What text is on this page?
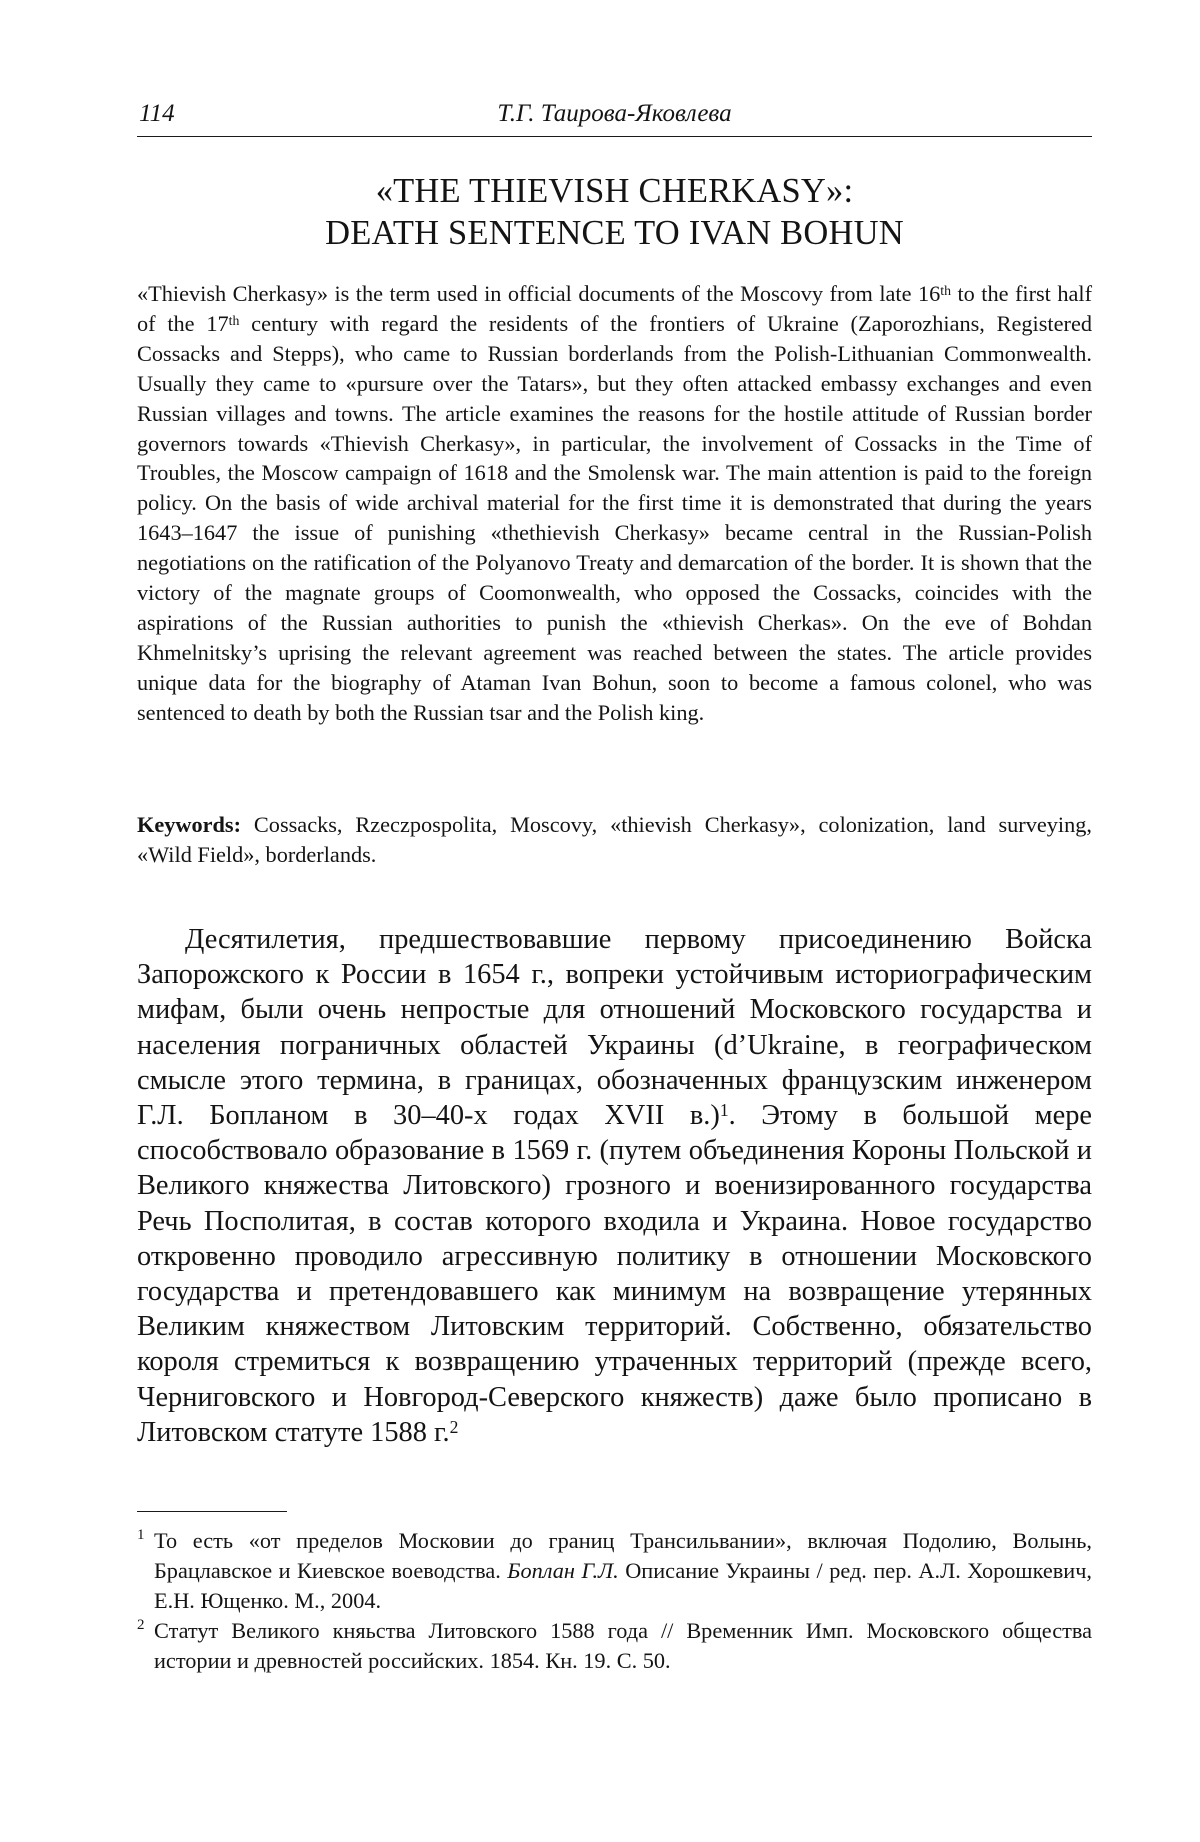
114	Т.Г. Таирова-Яковлева
«THE THIEVISH CHERKASY»:
DEATH SENTENCE TO IVAN BOHUN

«Thievish Cherkasy» is the term used in official documents of the Moscovy from late 16th to the first half of the 17th century with regard the residents of the frontiers of Ukraine (Zaporozhians, Registered Cossacks and Stepps), who came to Russian borderlands from the Polish-Lithuanian Commonwealth. Usually they came to «pursure over the Tatars», but they often attacked embassy exchanges and even Russian villages and towns. The article examines the reasons for the hostile attitude of Russian border governors towards «Thievish Cherkasy», in particular, the involvement of Cossacks in the Time of Troubles, the Moscow campaign of 1618 and the Smolensk war. The main attention is paid to the foreign policy. On the basis of wide archival material for the first time it is demonstrated that during the years 1643–1647 the issue of punishing «thethievish Cherkasy» became central in the Russian-Polish negotiations on the ratification of the Polyanovo Treaty and demarcation of the border. It is shown that the victory of the magnate groups of Coomonwealth, who opposed the Cossacks, coincides with the aspirations of the Russian authorities to punish the «thievish Cherkas». On the eve of Bohdan Khmelnitsky’s uprising the relevant agreement was reached between the states. The article provides unique data for the biography of Ataman Ivan Bohun, soon to become a famous colonel, who was sentenced to death by both the Russian tsar and the Polish king.

Keywords: Cossacks, Rzeczpospolita, Moscovy, «thievish Cherkasy», colonization, land surveying, «Wild Field», borderlands.

Десятилетия, предшествовавшие первому присоединению Войска Запорожского к России в 1654 г., вопреки устойчивым историографическим мифам, были очень непростые для отношений Московского государства и населения пограничных областей Украины (d’Ukraine, в географическом смысле этого термина, в границах, обозначенных французским инженером Г.Л. Бопланом в 30–40-х годах XVII в.)1. Этому в большой мере способствовало образование в 1569 г. (путем объединения Короны Польской и Великого княжества Литовского) грозного и военизированного государства Речь Посполитая, в состав которого входила и Украина. Новое государство откровенно проводило агрессивную политику в отношении Московского государства и претендовавшего как минимум на возвращение утерянных Великим княжеством Литовским территорий. Собственно, обязательство короля стремиться к возвращению утраченных территорий (прежде всего, Черниговского и Новгород-Северского княжеств) даже было прописано в Литовском статуте 1588 г.2

1 То есть «от пределов Московии до границ Трансильвании», включая Подолию, Волынь, Брацлавское и Киевское воеводства. Боплан Г.Л. Описание Украины / ред. пер. А.Л. Хорошкевич, Е.Н. Ющенко. М., 2004.
2 Статут Великого княьства Литовского 1588 года // Временник Имп. Московского общества истории и древностей российских. 1854. Кн. 19. С. 50.
